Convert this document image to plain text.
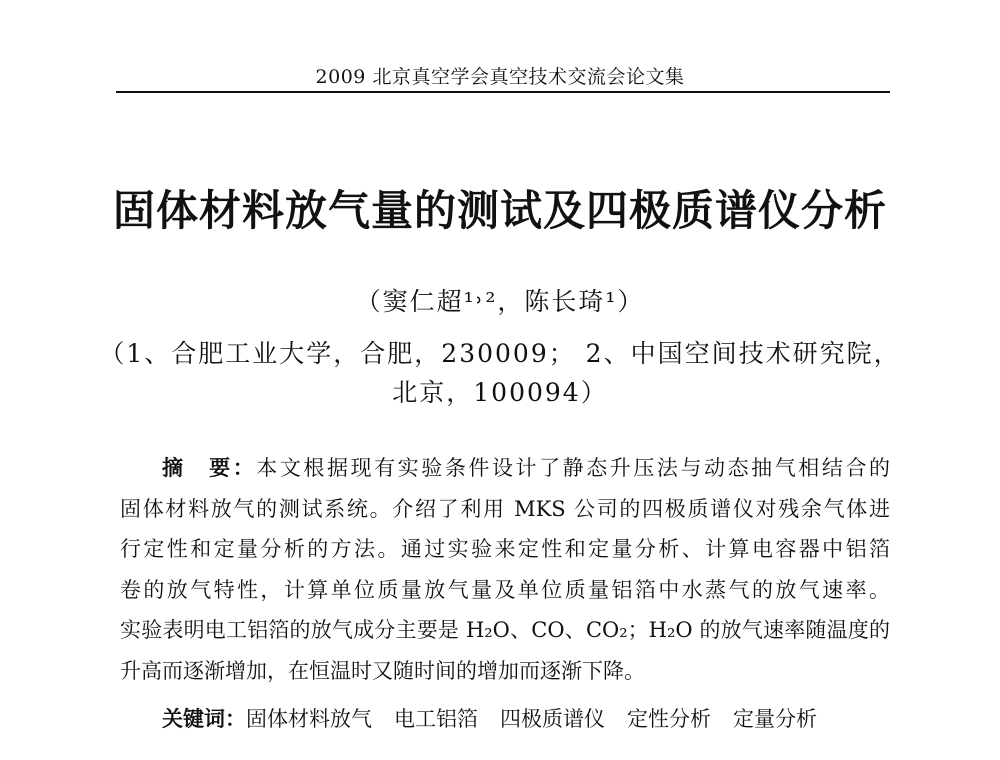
2009 北京真空学会真空技术交流会论文集
固体材料放气量的测试及四极质谱仪分析
（窦仁超¹˒²，陈长琦¹）
（1、合肥工业大学，合肥，230009； 2、中国空间技术研究院，
北京，100094）
摘　要：本文根据现有实验条件设计了静态升压法与动态抽气相结合的
固体材料放气的测试系统。介绍了利用 MKS 公司的四极质谱仪对残余气体进
行定性和定量分析的方法。通过实验来定性和定量分析、计算电容器中铝箔
卷的放气特性，计算单位质量放气量及单位质量铝箔中水蒸气的放气速率。
实验表明电工铝箔的放气成分主要是 H₂O、CO、CO₂；H₂O 的放气速率随温度的
升高而逐渐增加，在恒温时又随时间的增加而逐渐下降。
关键词：固体材料放气 电工铝箔 四极质谱仪 定性分析 定量分析
